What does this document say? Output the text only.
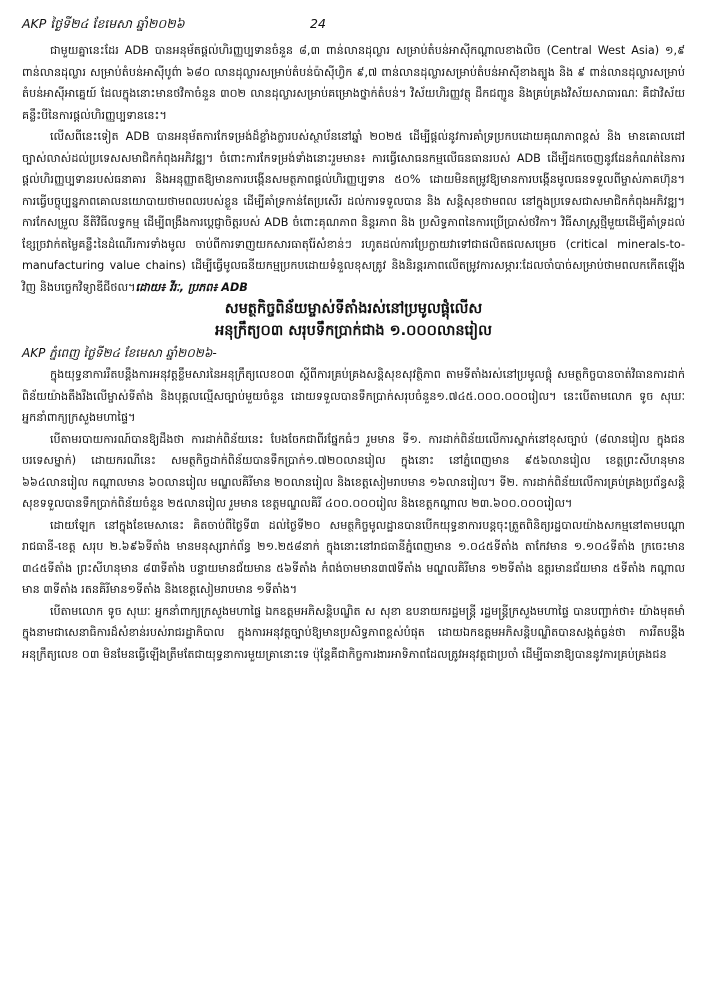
AKP ថ្ងៃទី២៤ ខែមេសា ឆ្នាំ២០២៦	24

ជាមួយគ្នានេះដែរ ADB បានអនុម័តផ្ដល់ហិរញ្ញប្បទានចំនួន ៨,៣ ពាន់លានដុល្លារ សម្រាប់តំបន់អាស៊ីកណ្ដាលខាងលិច (Central West Asia) ១,៩ ពាន់លានដុល្លារ សម្រាប់តំបន់អាស៊ីបូព៌ា ៦៨០ លានដុល្លារសម្រាប់តំបន់ប៉ាស៊ីហ្វិក ៩,៧ ពាន់លានដុល្លារសម្រាប់តំបន់អាស៊ីខាងត្បូង និង ៩ ពាន់លានដុល្លារសម្រាប់តំបន់អាស៊ីអាគ្នេយ៍ ដែលក្នុងនោះមានថវិកាចំនួន ៣០២ លានដុល្លារសម្រាប់គម្រោងថ្នាក់តំបន់។ វិស័យហិរញ្ញវត្ថុ ដឹកជញ្ជូន និងគ្រប់គ្រងវិស័យសាធារណៈ គឺជាវិស័យគន្លឹះបីនៃការផ្ដល់ហិរញ្ញប្បទាននេះ។

លើសពីនេះទៀត ADB បានអនុម័តការកែទម្រង់ដ៏ខ្លាំងក្លារបស់ស្ថាប័ននៅឆ្នាំ ២០២៥ ដើម្បីផ្ដល់នូវការគាំទ្រប្រកបដោយគុណភាពខ្ពស់ និង មានគោលដៅច្បាស់លាស់ដល់ប្រទេសសមាជិកកំពុងអភិវឌ្ឍ។ ចំពោះការកែទម្រង់ទាំងនោះរួមមាន៖ ការធ្វើសោធនកម្មលើធនធានរបស់ ADB ដើម្បីដកចេញនូវដែនកំណត់នៃការផ្ដល់ហិរញ្ញប្បទានរបស់ធនាគារ និងអនុញ្ញាតឱ្យមានការបង្កើនសមត្ថភាពផ្ដល់ហិរញ្ញប្បទាន ៥០% ដោយមិនតម្រូវឱ្យមានការបង្កើនមូលធនទទួលពីម្ចាស់ភាគហ៊ុន។ ការធ្វើបច្ចុប្បន្នភាពគោលនយោបាយថាមពលរបស់ខ្លួន ដើម្បីគាំទ្រកាន់តែប្រសើរ ដល់ការទទួលបាន និង សន្តិសុខថាមពល នៅក្នុងប្រទេសជាសមាជិកកំពុងអភិវឌ្ឍ។ ការកែសម្រួល នីតិវិធីលទ្ធកម្ម ដើម្បីពង្រឹងការប្ដេជ្ញាចិត្តរបស់ ADB ចំពោះគុណភាព និន្តរភាព និង ប្រសិទ្ធភាពនៃការប្រើប្រាស់ថវិកា។ វិធីសាស្រ្តថ្មីមួយដើម្បីគាំទ្រដល់ខ្សែច្រវាក់តម្លៃគន្លឹះនៃដំណើរការទាំងមូល ចាប់ពីការទាញយកសារធាតុរ៉ែសំខាន់ៗ រហូតដល់ការប្រែក្លាយវាទៅជាផលិតផលសម្រេច (critical minerals-to-manufacturing value chains) ដើម្បីធ្វើមូលធនីយកម្មប្រកបដោយទំនួលខុសត្រូវ និងនិរន្តរភាពលើតម្រូវការសម្ភារៈដែលចាំបាច់សម្រាប់ថាមពលកកើតឡើងវិញ និងបច្ចេកវិទ្យាឌីជីថល។ដោយ៖ វីរៈ, ប្រភព៖ ADB

សមត្ថកិច្ចពិន័យម្ចាស់ទីតាំងរស់នៅប្រមូលផ្ដុំលើស
អនុក្រឹត្យ០៣ សរុបទឹកប្រាក់ជាង ១.០០០លានរៀល
AKP ភ្នំពេញ ថ្ងៃទី២៤ ខែមេសា ឆ្នាំ២០២៦-

ក្នុងយុទ្ធនាការរឹតបន្តឹងការអនុវត្តខ្លឹមសារនៃអនុក្រឹត្យលេខ០៣ ស្ដីពីការគ្រប់គ្រងសន្តិសុខសុវត្ថិភាព តាមទីតាំងរស់នៅប្រមូលផ្ដុំ សមត្ថកិច្ចបានចាត់វិធានការដាក់ពិន័យយ៉ាងតឹងរឹងលើម្ចាស់ទីតាំង និងបុគ្គលល្មើសច្បាប់មួយចំនួន ដោយទទួលបានទឹកប្រាក់សរុបចំនួន១.៧៤៥.០០០.០០០រៀល។ នេះបើតាមលោក ទូច សុឃៈ អ្នកនាំពាក្យក្រសួងមហាផ្ទៃ។

បើតាមរបាយការណ៍បានឱ្យដឹងថា ការដាក់ពិន័យនេះ បែងចែកជាពីរផ្នែកធំៗ រួមមាន ទី១. ការដាក់ពិន័យលើការស្នាក់នៅខុសច្បាប់ (៨លានរៀល ក្នុងជនបរទេសម្នាក់) ដោយករណីនេះ សមត្ថកិច្ចដាក់ពិន័យបានទឹកប្រាក់១.៧២០លានរៀល ក្នុងនោះ នៅភ្នំពេញមាន ៩៥៦លានរៀល ខេត្តព្រះសីហនុមាន ៦៦៤លានរៀល កណ្ដាលមាន ៦០លានរៀល មណ្ឌលគិរីមាន ២០លានរៀល និងខេត្តសៀមរាបមាន ១៦លានរៀល។ ទី២. ការដាក់ពិន័យលើការគ្រប់គ្រងប្រព័ន្ធសន្តិសុខទទួលបានទឹកប្រាក់ពិន័យចំនួន ២៥លានរៀល រួមមាន ខេត្តមណ្ឌលគិរី ៤០០.០០០រៀល និងខេត្តកណ្ដាល ២៣.៦០០.០០០រៀល។

ដោយឡែក នៅក្នុងខែមេសានេះ គិតចាប់ពីថ្ងៃទី៣ ដល់ថ្ងៃទី២០ សមត្ថកិច្ចមូលដ្ឋានបានបើកយុទ្ធនាការបន្ដចុះត្រួតពិនិត្យរដ្ឋបាលយ៉ាងសកម្មនៅតាមបណ្ដារាជធានី-ខេត្ត សរុប ២.៦៩៦ទីតាំង មានមនុស្សរាក់ព័ន្ធ ២១.២៥៨នាក់ ក្នុងនោះនៅរាជធានីភ្នំពេញមាន ១.០៤៥ទីតាំង តាកែវមាន ១.១០៤ទីតាំង ក្រចេះមាន ៣៤៥ទីតាំង ព្រះសីហនុមាន ៨៣ទីតាំង បន្ទាយមានជ័យមាន ៥៦ទីតាំង កំពង់ចាមមាន៣៧ទីតាំង មណ្ឌលគិរីមាន ១២ទីតាំង ឧត្តរមានជ័យមាន ៥ទីតាំង កណ្ដាលមាន ៣ទីតាំង រតនគិរីមាន១ទីតាំង និងខេត្តសៀមរាបមាន ១ទីតាំង។

បើតាមលោក ទូច សុឃៈ អ្នកនាំពាក្យក្រសួងមហាផ្ទៃ ឯកឧត្តមអភិសន្តិបណ្ឌិត ស សុខា ឧបនាយករដ្ឋមន្ត្រី រដ្ឋមន្ត្រីក្រសួងមហាផ្ទៃ បានបញ្ជាក់ថា៖ យ៉ាងមុតមាំក្នុងនាមជាសេនាធិការដ៏សំខាន់របស់រាជរដ្ឋាភិបាល ក្នុងការអនុវត្តច្បាប់ឱ្យមានប្រសិទ្ធភាពខ្ពស់បំផុត ដោយឯកឧត្តមអភិសន្តិបណ្ឌិតបានសង្កត់ធ្ងន់ថា ការរឹតបន្តឹងអនុក្រឹត្យលេខ ០៣ មិនមែនធ្វើឡើងត្រឹមតែជាយុទ្ធនាការមួយគ្រានោះទេ ប៉ុន្តែគឺជាកិច្ចការងារអាទិភាពដែលត្រូវអនុវត្តជាប្រចាំ ដើម្បីធានាឱ្យបាននូវការគ្រប់គ្រងជន
